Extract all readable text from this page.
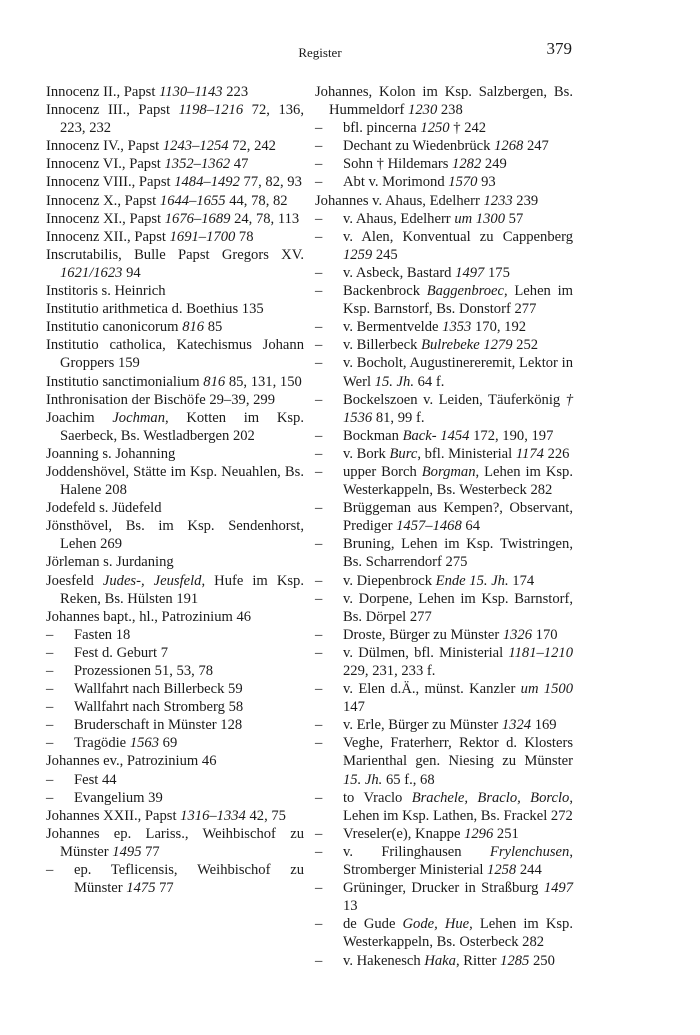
Register	379
Innocenz II., Papst 1130–1143 223
Innocenz III., Papst 1198–1216 72, 136, 223, 232
Innocenz IV., Papst 1243–1254 72, 242
Innocenz VI., Papst 1352–1362 47
Innocenz VIII., Papst 1484–1492 77, 82, 93
Innocenz X., Papst 1644–1655 44, 78, 82
Innocenz XI., Papst 1676–1689 24, 78, 113
Innocenz XII., Papst 1691–1700 78
Inscrutabilis, Bulle Papst Gregors XV. 1621/1623 94
Institoris s. Heinrich
Institutio arithmetica d. Boethius 135
Institutio canonicorum 816 85
Institutio catholica, Katechismus Johann Groppers 159
Institutio sanctimonialium 816 85, 131, 150
Inthronisation der Bischöfe 29–39, 299
Joachim Jochman, Kotten im Ksp. Saerbeck, Bs. Westladbergen 202
Joanning s. Johanning
Joddenshövel, Stätte im Ksp. Neuahlen, Bs. Halene 208
Jodefeld s. Jüdefeld
Jönsthövel, Bs. im Ksp. Sendenhorst, Lehen 269
Jörleman s. Jurdaning
Joesfeld Judes-, Jeusfeld, Hufe im Ksp. Reken, Bs. Hülsten 191
Johannes bapt., hl., Patrozinium 46
– Fasten 18
– Fest d. Geburt 7
– Prozessionen 51, 53, 78
– Wallfahrt nach Billerbeck 59
– Wallfahrt nach Stromberg 58
– Bruderschaft in Münster 128
– Tragödie 1563 69
Johannes ev., Patrozinium 46
– Fest 44
– Evangelium 39
Johannes XXII., Papst 1316–1334 42, 75
Johannes ep. Lariss., Weihbischof zu Münster 1495 77
– ep. Teflicensis, Weihbischof zu Münster 1475 77
Johannes, Kolon im Ksp. Salzbergen, Bs. Hummeldorf 1230 238
– bfl. pincerna 1250 † 242
– Dechant zu Wiedenbrück 1268 247
– Sohn † Hildemars 1282 249
– Abt v. Morimond 1570 93
Johannes v. Ahaus, Edelherr 1233 239
– v. Ahaus, Edelherr um 1300 57
– v. Alen, Konventual zu Cappenberg 1259 245
– v. Asbeck, Bastard 1497 175
– Backenbrock Baggenbroec, Lehen im Ksp. Barnstorf, Bs. Donstorf 277
– v. Bermentvelde 1353 170, 192
– v. Billerbeck Bulrebeke 1279 252
– v. Bocholt, Augustinereremit, Lektor in Werl 15. Jh. 64 f.
– Bockelszoen v. Leiden, Täuferkönig † 1536 81, 99 f.
– Bockman Back- 1454 172, 190, 197
– v. Bork Burc, bfl. Ministerial 1174 226
– upper Borch Borgman, Lehen im Ksp. Westerkappeln, Bs. Westerbeck 282
– Brüggeman aus Kempen?, Observant, Prediger 1457–1468 64
– Bruning, Lehen im Ksp. Twistringen, Bs. Scharrendorf 275
– v. Diepenbrock Ende 15. Jh. 174
– v. Dorpene, Lehen im Ksp. Barnstorf, Bs. Dörpel 277
– Droste, Bürger zu Münster 1326 170
– v. Dülmen, bfl. Ministerial 1181–1210 229, 231, 233 f.
– v. Elen d.Ä., münst. Kanzler um 1500 147
– v. Erle, Bürger zu Münster 1324 169
– Veghe, Fraterherr, Rektor d. Klosters Marienthal gen. Niesing zu Münster 15. Jh. 65 f., 68
– to Vraclo Brachele, Braclo, Borclo, Lehen im Ksp. Lathen, Bs. Frackel 272
– Vreseler(e), Knappe 1296 251
– v. Frilinghausen Frylenchusen, Stromberger Ministerial 1258 244
– Grüninger, Drucker in Straßburg 1497 13
– de Gude Gode, Hue, Lehen im Ksp. Westerkappeln, Bs. Osterbeck 282
– v. Hakenesch Haka, Ritter 1285 250
